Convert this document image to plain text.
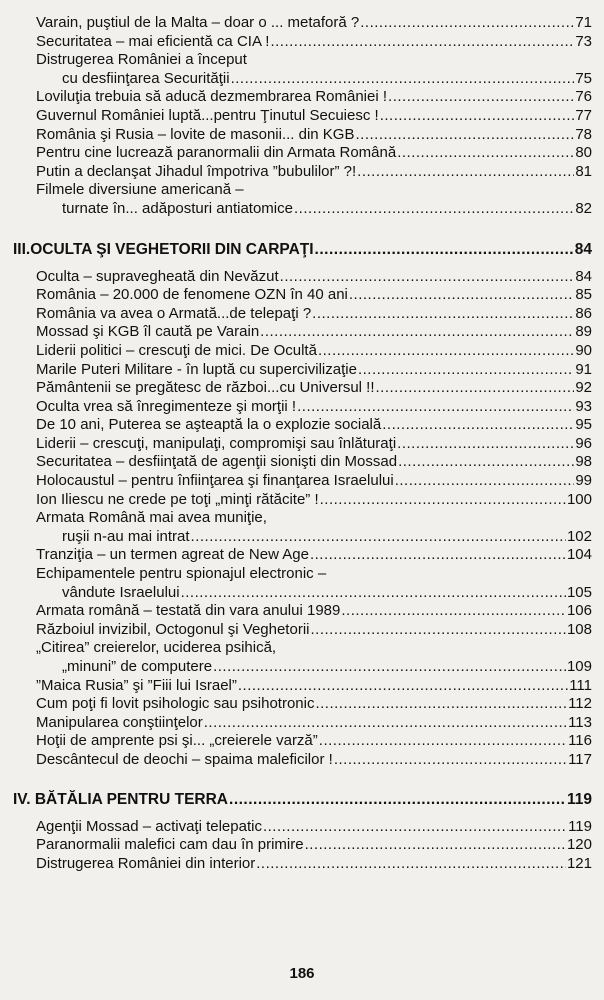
Varain, puştiul de la Malta – doar o ... metaforă ? .....	71
Securitatea – mai eficientă ca CIA ! .....	73
Distrugerea României a început
cu desfiinţarea Securităţii .....	75
Loviluţia trebuia să aducă dezmembrarea României ! .....	76
Guvernul României luptă...pentru Ţinutul Secuiesc ! .....	77
România şi Rusia – lovite de masonii... din KGB .....	78
Pentru cine lucrează paranormalii din Armata Română .....	80
Putin a declanşat Jihadul împotriva ”bubulilor” ?! .....	81
Filmele diversiune americană –
turnate în... adăposturi antiatomice .....	82
III.OCULTA ŞI VEGHETORII DIN CARPAŢI .....	84
Oculta – supravegheată din Nevăzut .....	84
România – 20.000 de fenomene OZN în 40 ani .....	85
România va avea o Armată...de telepaţi ? .....	86
Mossad şi KGB îl caută pe Varain .....	89
Liderii politici – crescuţi de mici. De Ocultă .....	90
Marile Puteri Militare - în luptă cu supercivilizaţie .....	91
Pământenii se pregătesc de război...cu Universul !! .....	92
Oculta vrea să înregimenteze şi morţii ! .....	93
De 10 ani, Puterea se aşteaptă la o explozie socială .....	95
Liderii – crescuţi, manipulaţi, compromişi sau înlăturaţi .....	96
Securitatea – desfiinţată de agenţii sionişti din Mossad .....	98
Holocaustul – pentru înfiinţarea şi finanţarea Israelului .....	99
Ion Iliescu ne crede pe toţi „minţi rătăcite” ! .....	100
Armata Română mai avea muniţie,
ruşii n-au mai intrat .....	102
Tranziţia – un termen agreat de New Age .....	104
Echipamentele pentru spionajul electronic –
vândute Israelului .....	105
Armata română – testată din vara anului 1989 .....	106
Războiul invizibil, Octogonul şi Veghetorii .....	108
„Citirea” creierelor, uciderea psihică,
„minuni” de computere .....	109
”Maica Rusia” şi ”Fiii lui Israel” .....	111
Cum poţi fi lovit psihologic sau psihotronic .....	112
Manipularea conştiinţelor .....	113
Hoţii de amprente psi şi... „creierele varză” .....	116
Descântecul de deochi – spaima maleficilor ! .....	117
IV. BĂTĂLIA PENTRU TERRA .....	119
Agenţii Mossad – activaţi telepatic .....	119
Paranormalii malefici cam dau în primire .....	120
Distrugerea României din interior .....	121
186
